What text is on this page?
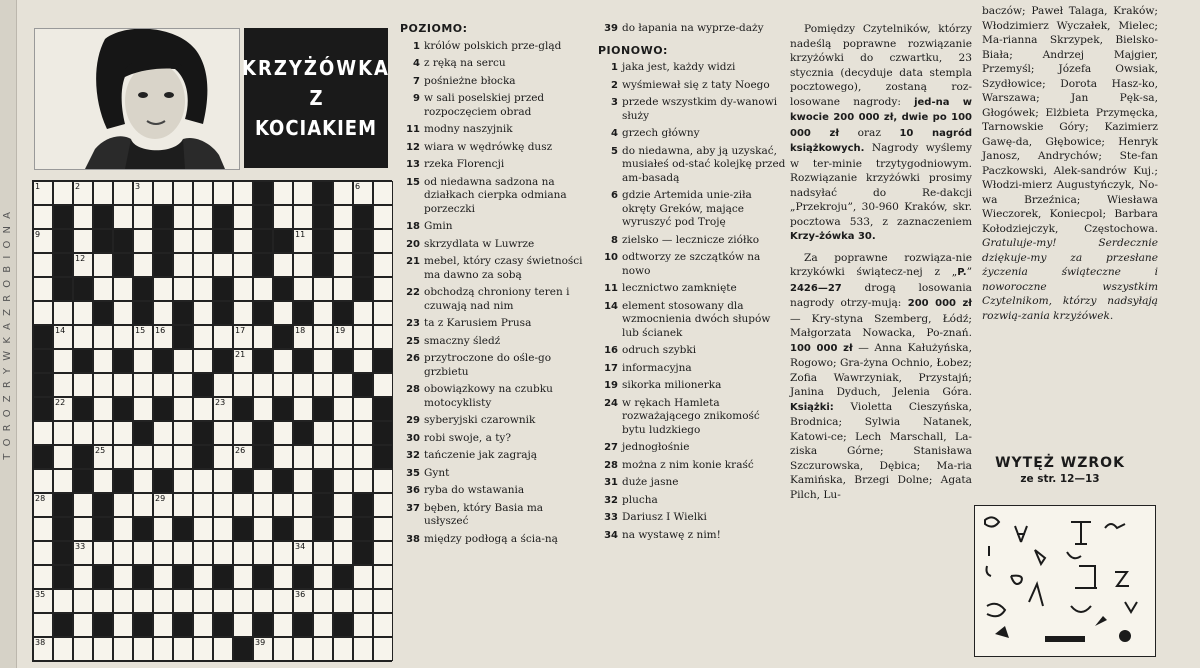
T O R O Z R Y W K A Z R O B I O N A
KRZYŻÓWKA
Z
KOCIAKIEM
1	2	3	6
9	11
12
14	15 16	17	18	19
21
22	23
25	26
28	29
33	34
35	36
38	39
POZIOMO:
1 królów polskich prze-gląd
4 z ręką na sercu
7 pośnieżne błocka
9 w sali poselskiej przed rozpoczęciem obrad
11 modny naszyjnik
12 wiara w wędrówkę dusz
13 rzeka Florencji
15 od niedawna sadzona na działkach cierpka odmiana porzeczki
18 Gmin
20 skrzydlata w Luwrze
21 mebel, który czasy świetności ma dawno za sobą
22 obchodzą chroniony teren i czuwają nad nim
23 ta z Karusiem Prusa
25 smaczny śledź
26 przytroczone do ośle-go grzbietu
28 obowiązkowy na czubku motocyklisty
29 syberyjski czarownik
30 robi swoje, a ty?
32 tańczenie jak zagrają
35 Gynt
36 ryba do wstawania
37 bęben, który Basia ma usłyszeć
38 między podłogą a ścia-ną
39 do łapania na wyprze-daży
PIONOWO:
1 jaka jest, każdy widzi
2 wyśmiewał się z taty Noego
3 przede wszystkim dy-wanowi służy
4 grzech główny
5 do niedawna, aby ją uzyskać, musiałeś od-stać kolejkę przed am-basadą
6 gdzie Artemida unie-ziła okręty Greków, mające wyruszyć pod Troję
8 zielsko — lecznicze ziółko
10 odtworzy ze szczątków na nowo
11 lecznictwo zamknięte
14 element stosowany dla wzmocnienia dwóch słupów lub ścianek
16 odruch szybki
17 informacyjna
19 sikorka milionerka
24 w rękach Hamleta rozważającego znikomość bytu ludzkiego
27 jednogłośnie
28 można z nim konie kraść
31 duże jasne
32 plucha
33 Dariusz I Wielki
34 na wystawę z nim!

Pomiędzy Czytelników, którzy nadeślą poprawne rozwiązanie krzyżówki do czwartku, 23 stycznia (decyduje data stempla pocztowego), zostaną roz-losowane nagrody: jed-na w kwocie 200 000 zł, dwie po 100 000 zł oraz 10 nagród książkowych. Nagrody wyślemy w ter-minie trzytygodniowym. Rozwiązanie krzyżówki prosimy nadsyłać do Re-dakcji „Przekroju”, 30-960 Kraków, skr. pocztowa 533, z zaznaczeniem Krzy-żówka 30.

Za poprawne rozwiąza-nie krzykówki świątecz-nej z „P.” 2426—27 drogą losowania nagrody otrzy-mują: 200 000 zł — Kry-styna Szemberg, Łódź; Małgorzata Nowacka, Po-znań. 100 000 zł — Anna Kałużyńska, Rogowo; Gra-żyna Ochnio, Łobez; Zofia Wawrzyniak, Przystajń; Janina Dyduch, Jelenia Góra. Książki: Violetta Cieszyńska, Brodnica; Sylwia Natanek, Katowi-ce; Lech Marschall, La-ziska Górne; Stanisława Szczurowska, Dębica; Ma-ria Kamińska, Brzegi Dolne; Agata Pilch, Lu-

baczów; Paweł Talaga, Kraków; Włodzimierz Wyczałek, Mielec; Ma-rianna Skrzypek, Bielsko-Biała; Andrzej Majgier, Przemyśl; Józefa Owsiak, Szydłowice; Dorota Hasz-ko, Warszawa; Jan Pęk-sa, Głogówek; Elżbieta Przymęcka, Tarnowskie Góry; Kazimierz Gawę-da, Głębowice; Henryk Janosz, Andrychów; Ste-fan Paczkowski, Alek-sandrów Kuj.; Włodzi-mierz Augustyńczyk, No-wa Brzeźnica; Wiesława Wieczorek, Koniecpol; Barbara Kołodziejczyk, Częstochowa. Gratuluje-my! Serdecznie dziękuje-my za przesłane życzenia świąteczne i noworoczne wszystkim Czytelnikom, którzy nadsyłają rozwią-zania krzyżówek.

WYTĘŻ WZROK
ze str. 12—13
